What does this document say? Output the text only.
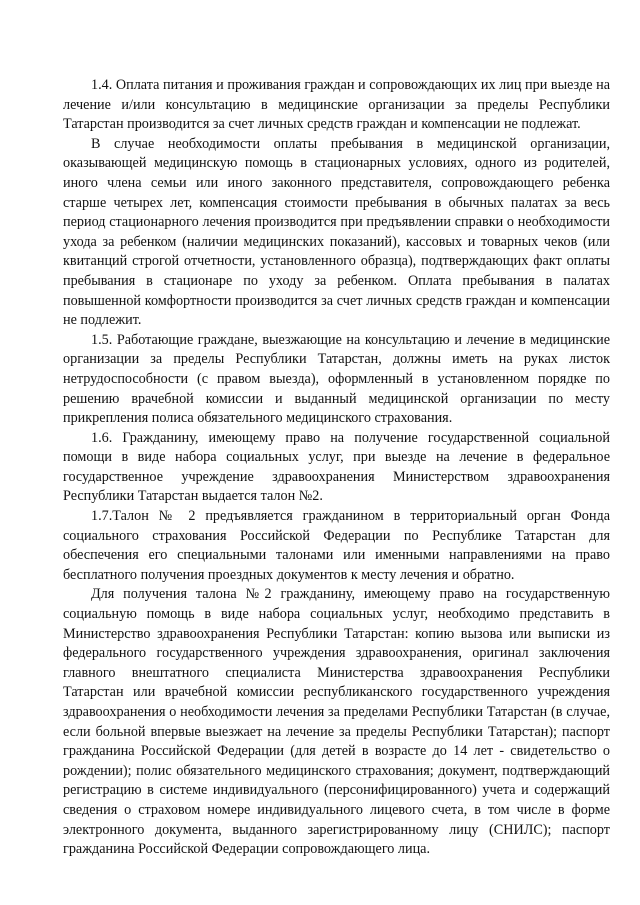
1.4. Оплата питания и проживания граждан и сопровождающих их лиц при выезде на лечение и/или консультацию в медицинские организации за пределы Республики Татарстан производится за счет личных средств граждан и компенсации не подлежат.

В случае необходимости оплаты пребывания в медицинской организации, оказывающей медицинскую помощь в стационарных условиях, одного из родителей, иного члена семьи или иного законного представителя, сопровождающего ребенка старше четырех лет, компенсация стоимости пребывания в обычных палатах за весь период стационарного лечения производится при предъявлении справки о необходимости ухода за ребенком (наличии медицинских показаний), кассовых и товарных чеков (или квитанций строгой отчетности, установленного образца), подтверждающих факт оплаты пребывания в стационаре по уходу за ребенком. Оплата пребывания в палатах повышенной комфортности производится за счет личных средств граждан и компенсации не подлежит.

1.5. Работающие граждане, выезжающие на консультацию и лечение в медицинские организации за пределы Республики Татарстан, должны иметь на руках листок нетрудоспособности (с правом выезда), оформленный в установленном порядке по решению врачебной комиссии и выданный медицинской организации по месту прикрепления полиса обязательного медицинского страхования.

1.6. Гражданину, имеющему право на получение государственной социальной помощи в виде набора социальных услуг, при выезде на лечение в федеральное государственное учреждение здравоохранения Министерством здравоохранения Республики Татарстан выдается талон №2.

1.7.Талон № 2 предъявляется гражданином в территориальный орган Фонда социального страхования Российской Федерации по Республике Татарстан для обеспечения его специальными талонами или именными направлениями на право бесплатного получения проездных документов к месту лечения и обратно.

Для получения талона №2 гражданину, имеющему право на государственную социальную помощь в виде набора социальных услуг, необходимо представить в Министерство здравоохранения Республики Татарстан: копию вызова или выписки из федерального государственного учреждения здравоохранения, оригинал заключения главного внештатного специалиста Министерства здравоохранения Республики Татарстан или врачебной комиссии республиканского государственного учреждения здравоохранения о необходимости лечения за пределами Республики Татарстан (в случае, если больной впервые выезжает на лечение за пределы Республики Татарстан); паспорт гражданина Российской Федерации (для детей в возрасте до 14 лет - свидетельство о рождении); полис обязательного медицинского страхования; документ, подтверждающий регистрацию в системе индивидуального (персонифицированного) учета и содержащий сведения о страховом номере индивидуального лицевого счета, в том числе в форме электронного документа, выданного зарегистрированному лицу (СНИЛС); паспорт гражданина Российской Федерации сопровождающего лица.
